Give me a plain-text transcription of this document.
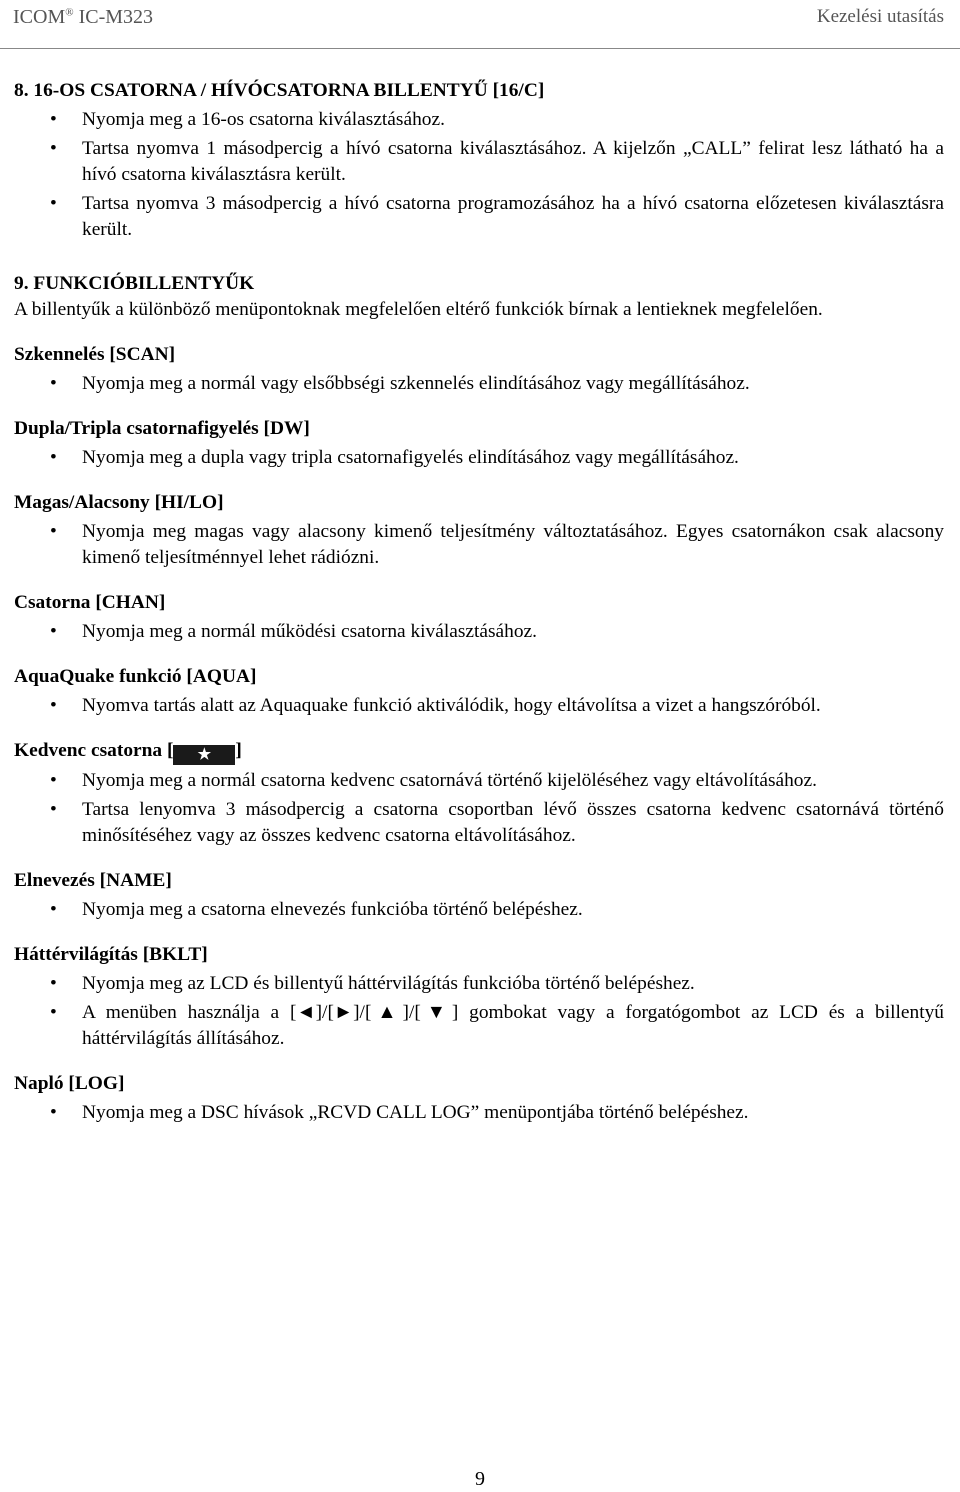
ICOM® IC-M323	Kezelési utasítás
8. 16-OS CSATORNA / HÍVÓCSATORNA BILLENTYŰ [16/C]
• Nyomja meg a 16-os csatorna kiválasztásához.
• Tartsa nyomva 1 másodpercig a hívó csatorna kiválasztásához. A kijelzőn „CALL” felirat lesz látható ha a hívó csatorna kiválasztásra került.
• Tartsa nyomva 3 másodpercig a hívó csatorna programozásához ha a hívó csatorna előzetesen kiválasztásra került.
9. FUNKCIÓBILLENTYŰK

A billentyűk a különböző menüpontoknak megfelelően eltérő funkciók bírnak a lentieknek megfelelően.

Szkennelés [SCAN]
• Nyomja meg a normál vagy elsőbbségi szkennelés elindításához vagy megállításához.
Dupla/Tripla csatornafigyelés [DW]
• Nyomja meg a dupla vagy tripla csatornafigyelés elindításához vagy megállításához.
Magas/Alacsony [HI/LO]
• Nyomja meg magas vagy alacsony kimenő teljesítmény változtatásához. Egyes csatornákon csak alacsony kimenő teljesítménnyel lehet rádiózni.
Csatorna [CHAN]
• Nyomja meg a normál működési csatorna kiválasztásához.
AquaQuake funkció [AQUA]
• Nyomva tartás alatt az Aquaquake funkció aktiválódik, hogy eltávolítsa a vizet a hangszóróból.
Kedvenc csatorna [ ★ ]
• Nyomja meg a normál csatorna kedvenc csatornává történő kijelöléséhez vagy eltávolításához.
• Tartsa lenyomva 3 másodpercig a csatorna csoportban lévő összes csatorna kedvenc csatornává történő minősítéséhez vagy az összes kedvenc csatorna eltávolításához.
Elnevezés [NAME]
• Nyomja meg a csatorna elnevezés funkcióba történő belépéshez.
Háttérvilágítás [BKLT]
• Nyomja meg az LCD és billentyű háttérvilágítás funkcióba történő belépéshez.
• A menüben használja a [◄]/[►]/[▲]/[▼] gombokat vagy a forgatógombot az LCD és a billentyű háttérvilágítás állításához.
Napló [LOG]
• Nyomja meg a DSC hívások „RCVD CALL LOG” menüpontjába történő belépéshez.
9
